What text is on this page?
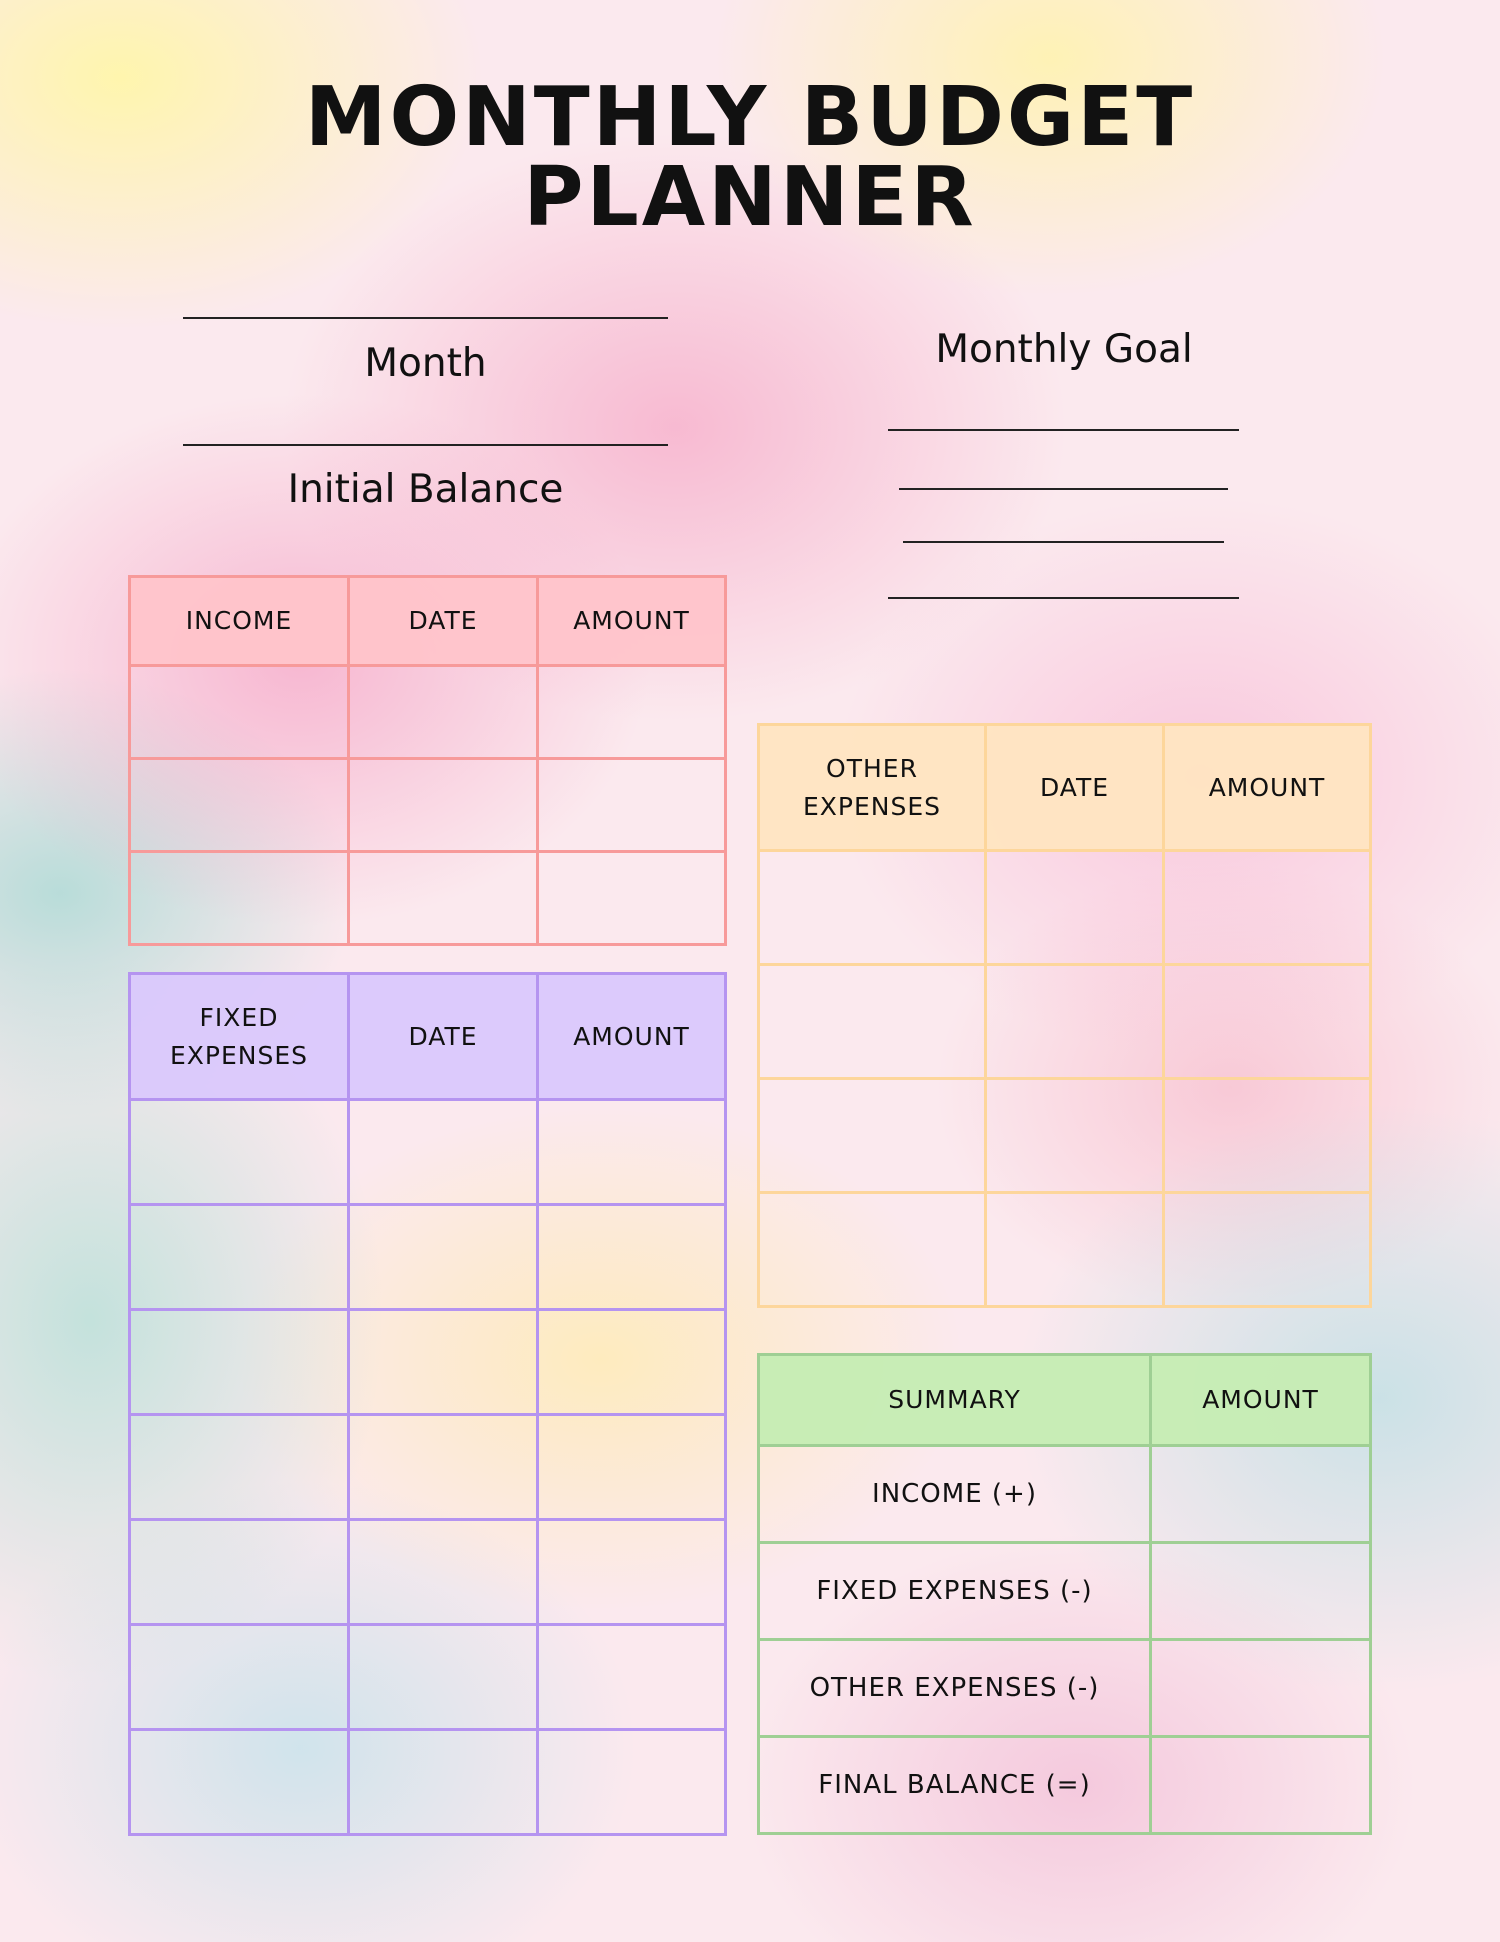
MONTHLY BUDGET
PLANNER
Month
Initial Balance
Monthly Goal
INCOME	DATE	AMOUNT

FIXED
EXPENSES	DATE	AMOUNT

OTHER
EXPENSES	DATE	AMOUNT

SUMMARY	AMOUNT
INCOME (+)	
FIXED EXPENSES (-)	
OTHER EXPENSES (-)	
FINAL BALANCE (=)	
